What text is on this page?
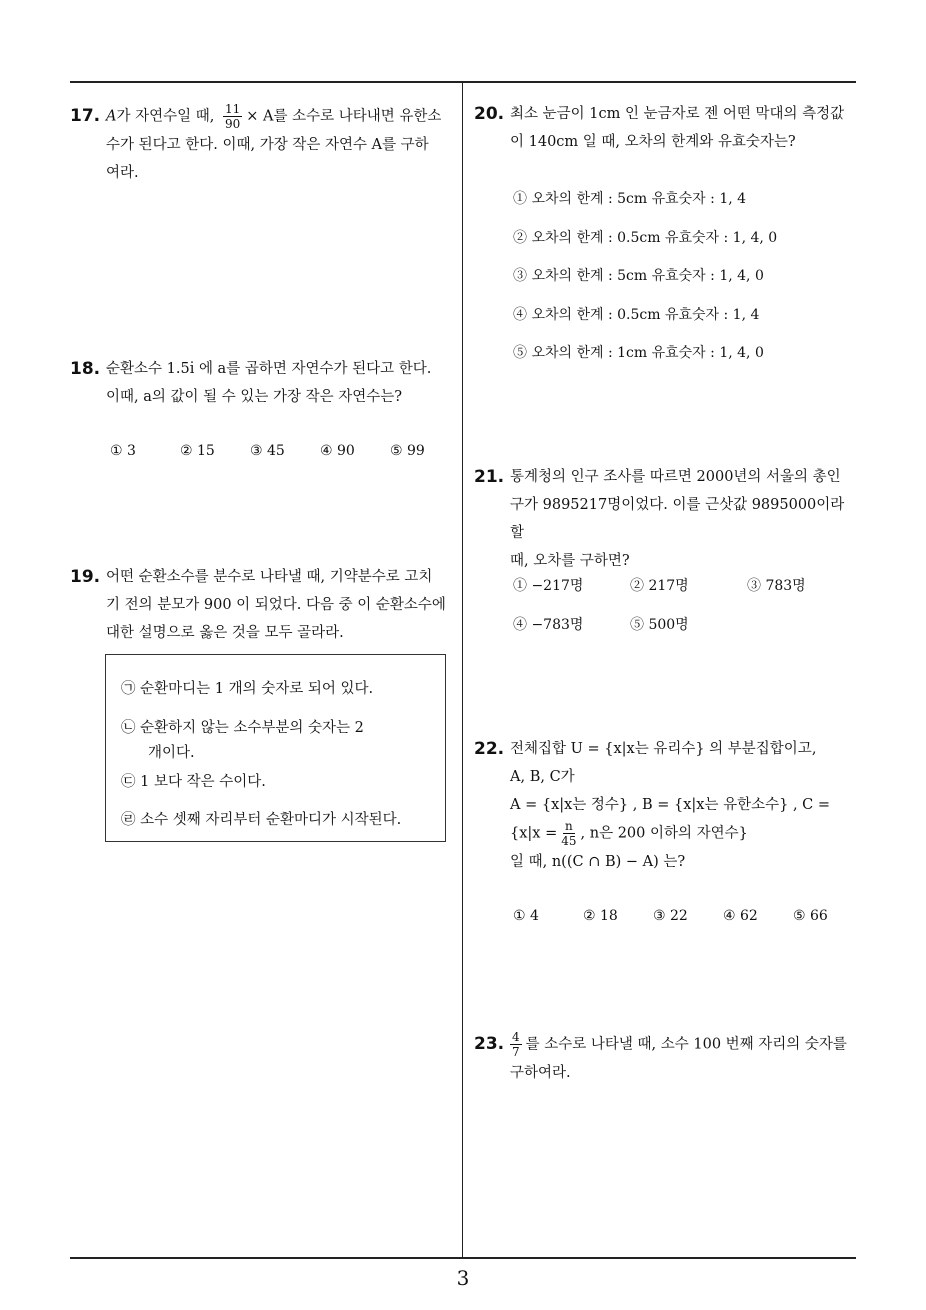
17. A가 자연수일 때, $\frac{11}{90} \times A$를 소수로 나타내면 유한소
수가 된다고 한다. 이때, 가장 작은 자연수 A를 구하
여라.

18. 순환소수 1.5i̇ 에 a를 곱하면 자연수가 된다고 한다.
이때, a의 값이 될 수 있는 가장 작은 자연수는?

① 3	② 15	③ 45	④ 90	⑤ 99
19. 어떤 순환소수를 분수로 나타낼 때, 기약분수로 고치
기 전의 분모가 900 이 되었다. 다음 중 이 순환소수에
대한 설명으로 옳은 것을 모두 골라라.

㉠ 순환마디는 1 개의 숫자로 되어 있다.
㉡ 순환하지 않는 소수부분의 숫자는 2
개이다.
㉢ 1 보다 작은 수이다.
㉣ 소수 셋째 자리부터 순환마디가 시작된다.
20. 최소 눈금이 1cm 인 눈금자로 젠 어떤 막대의 측정값
이 140cm 일 때, 오차의 한계와 유효숫자는?

① 오차의 한계 : 5cm 유효숫자 : 1, 4
② 오차의 한계 : 0.5cm 유효숫자 : 1, 4, 0
③ 오차의 한계 : 5cm 유효숫자 : 1, 4, 0
④ 오차의 한계 : 0.5cm 유효숫자 : 1, 4
⑤ 오차의 한계 : 1cm 유효숫자 : 1, 4, 0
21. 통계청의 인구 조사를 따르면 2000년의 서울의 총인
구가 9895217명이었다. 이를 근삿값 9895000이라 할
때, 오차를 구하면?

① −217명	② 217명	③ 783명
④ −783명	⑤ 500명
22. 전체집합 U = {x|x는 유리수} 의 부분집합이고,
A, B, C가
A = {x|x는 정수} , B = {x|x는 유한소수} , C =
{$x|x = \frac{n}{45}$ , n은 200 이하의 자연수}
일 때, n((C ∩ B) − A) 는?

① 4	② 18	③ 22	④ 62	⑤ 66
23. $\frac{4}{7}$ 를 소수로 나타낼 때, 소수 100 번째 자리의 숫자를
구하여라.

3
